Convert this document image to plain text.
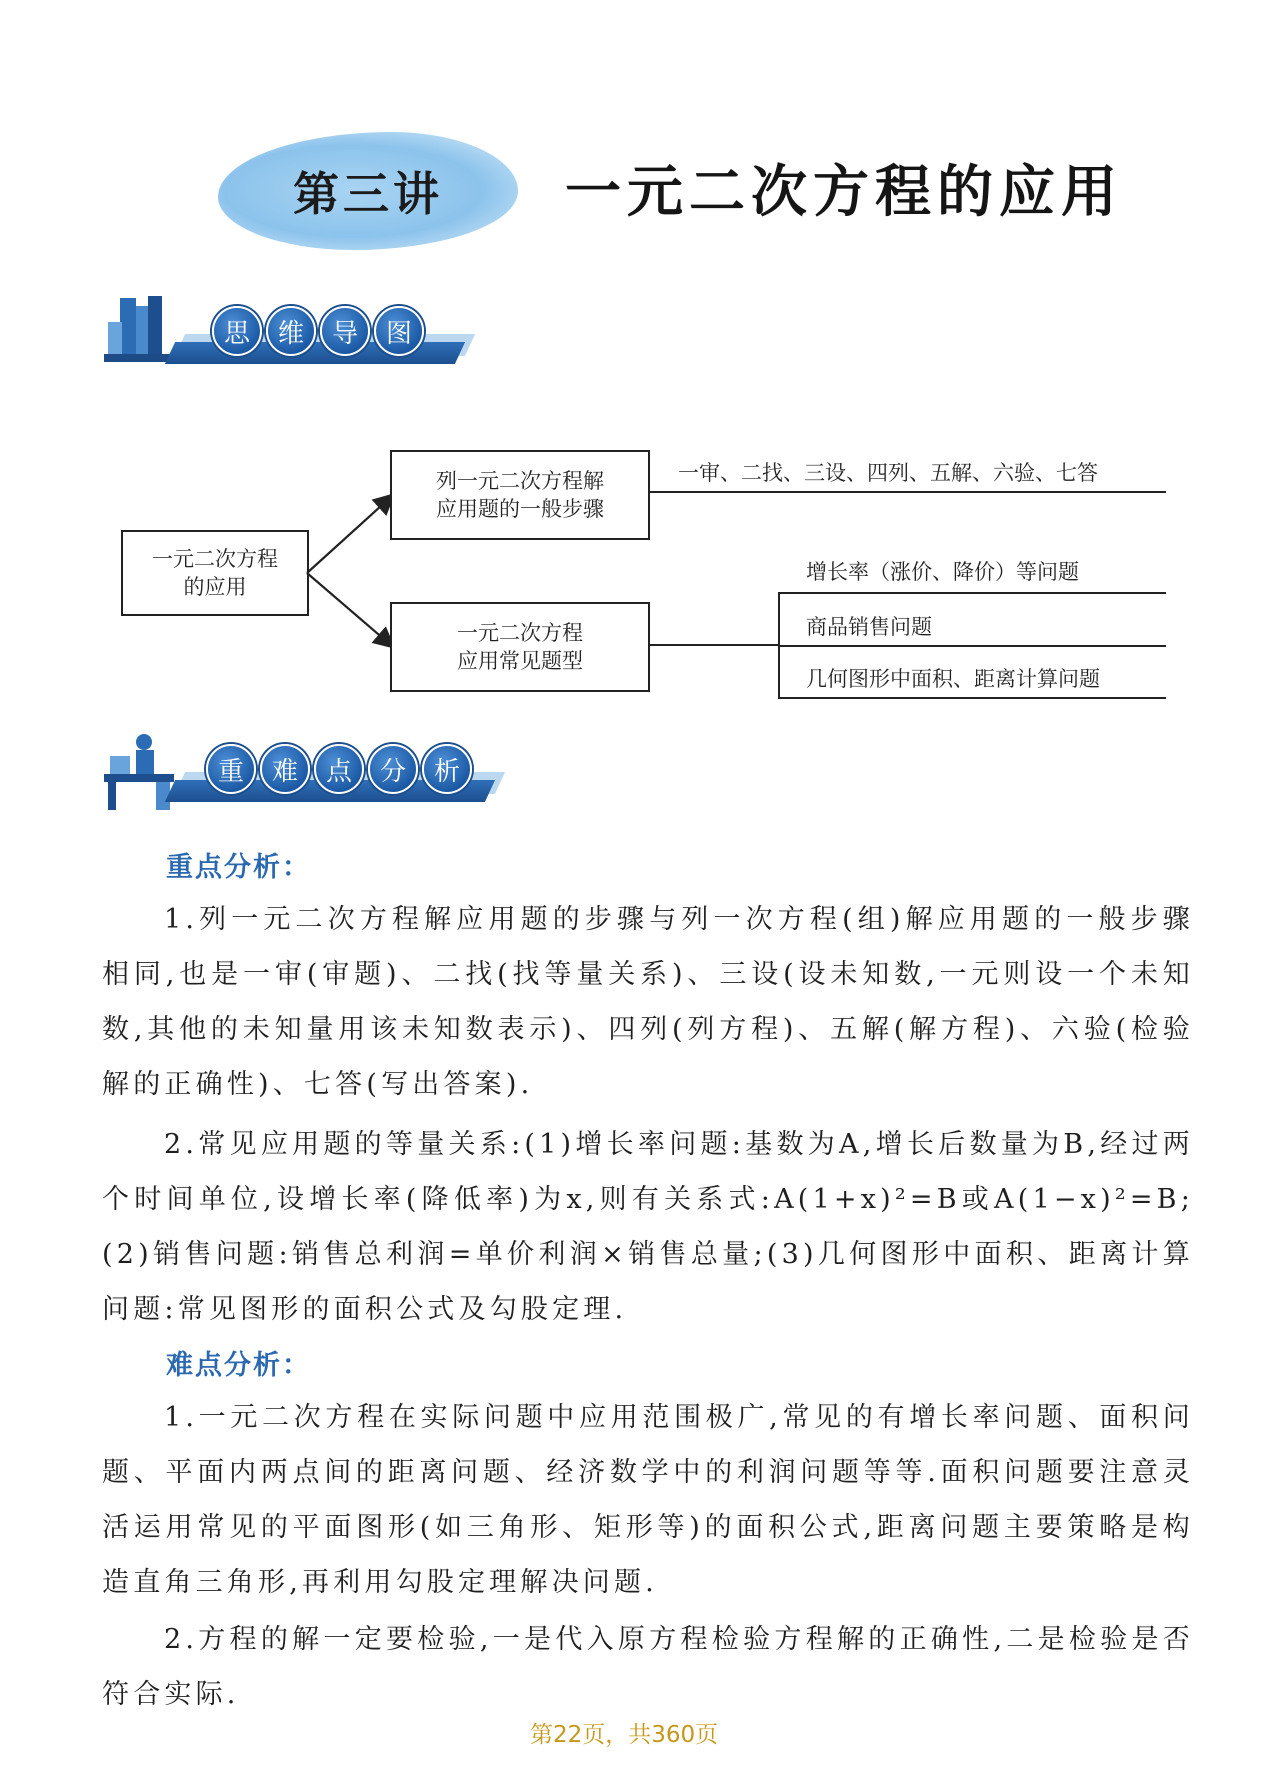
第三讲 一元二次方程的应用
思	维	导	图
一元二次方程
的应用
列一元二次方程解
应用题的一般步骤
一审、二找、三设、四列、五解、六验、七答
一元二次方程
应用常见题型
增长率（涨价、降价）等问题
商品销售问题
几何图形中面积、距离计算问题
重	难	点	分	析
重点分析：
1.列一元二次方程解应用题的步骤与列一次方程(组)解应用题的一般步骤相同,也是一审(审题)、二找(找等量关系)、三设(设未知数,一元则设一个未知数,其他的未知量用该未知数表示)、四列(列方程)、五解(解方程)、六验(检验解的正确性)、七答(写出答案).
2.常见应用题的等量关系:(1)增长率问题:基数为A,增长后数量为B,经过两个时间单位,设增长率(降低率)为x,则有关系式:A(1+x)²=B或A(1−x)²=B;(2)销售问题:销售总利润=单价利润×销售总量;(3)几何图形中面积、距离计算问题:常见图形的面积公式及勾股定理.
难点分析：
1.一元二次方程在实际问题中应用范围极广,常见的有增长率问题、面积问题、平面内两点间的距离问题、经济数学中的利润问题等等.面积问题要注意灵活运用常见的平面图形(如三角形、矩形等)的面积公式,距离问题主要策略是构造直角三角形,再利用勾股定理解决问题.
2.方程的解一定要检验,一是代入原方程检验方程解的正确性,二是检验是否符合实际.
第22页，共360页
